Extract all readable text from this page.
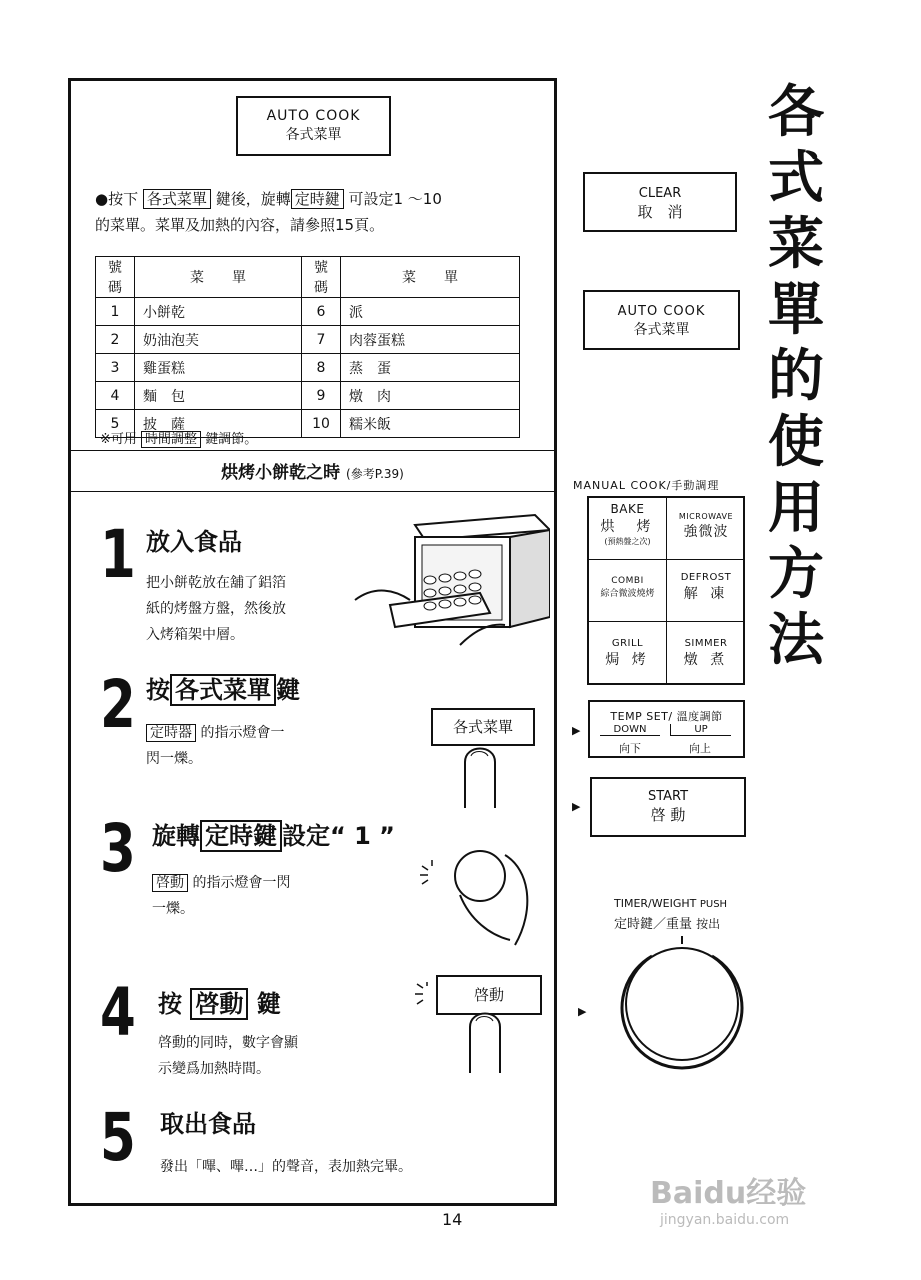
AUTO COOK
各式菜單
●按下 各式菜單 鍵後，旋轉 定時鍵 可設定1 ～10
的菜單。菜單及加熱的內容，請參照15頁。
號碼	菜　　單	號碼	菜　　單
1	小餅乾	6	派
2	奶油泡芙	7	肉蓉蛋糕
3	雞蛋糕	8	蒸　蛋
4	麵　包	9	燉　肉
5	披　薩	10	糯米飯
※可用 時間調整 鍵調節。
烘烤小餅乾之時 (參考P.39)
1 放入食品
把小餅乾放在舖了鋁箔
紙的烤盤方盤，然後放
入烤箱架中層。
2 按 各式菜單 鍵
定時器 的指示燈會一
閃一爍。
各式菜單
3 旋轉 定時鍵 設定“ 1 ”
啓動 的指示燈會一閃
一爍。
4 按 啓動 鍵
啓動的同時，數字會顯
示變爲加熱時間。
啓動
5 取出食品
發出「嗶、嗶…」的聲音，表加熱完畢。
各式菜單的使用方法
CLEAR
取　消
AUTO COOK
各式菜單
MANUAL COOK/手動調理
BAKE
烘　烤
(預熱盤之次)
MICROWAVE
強微波
COMBI
綜合微波燒烤
DEFROST
解 凍
GRILL
焗 烤
SIMMER
燉 煮
▶
TEMP SET/ 溫度調節
DOWN
向下
UP
向上
▶
START
啓 動
TIMER/WEIGHT PUSH
定時鍵／重量 按出
▶
14
Baidu经验
jingyan.baidu.com
